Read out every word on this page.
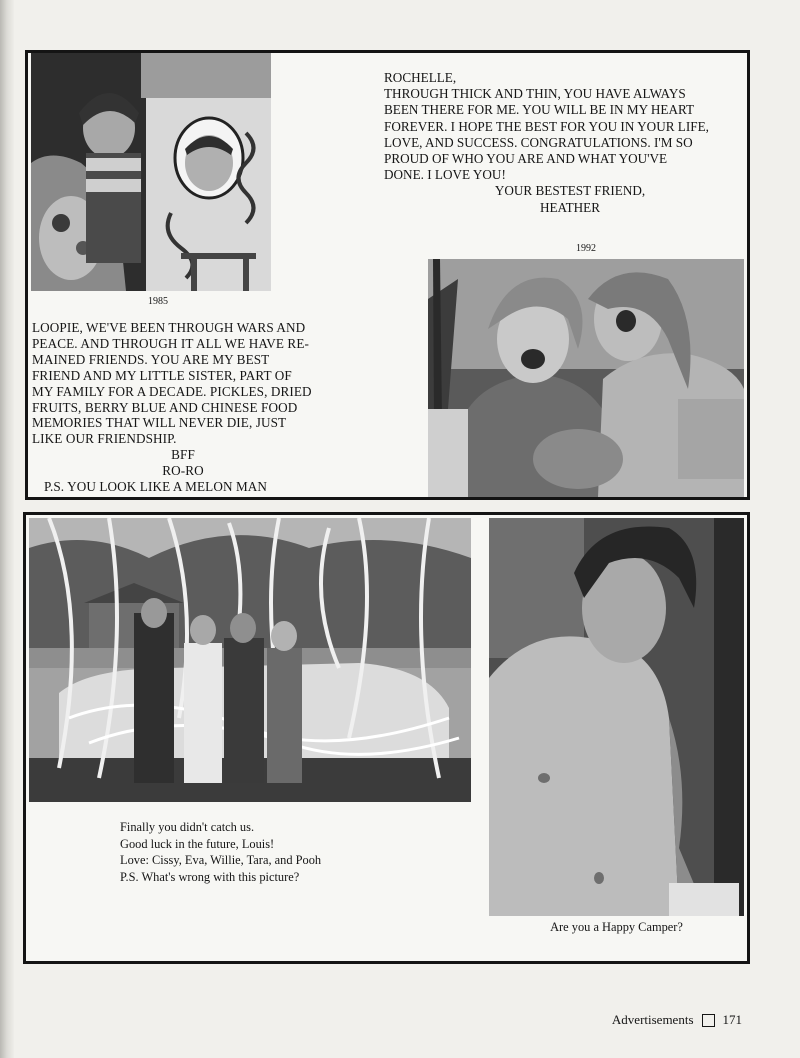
1985

ROCHELLE,

THROUGH THICK AND THIN, YOU HAVE ALWAYS

BEEN THERE FOR ME. YOU WILL BE IN MY HEART

FOREVER. I HOPE THE BEST FOR YOU IN YOUR LIFE,

LOVE, AND SUCCESS. CONGRATULATIONS. I'M SO

PROUD OF WHO YOU ARE AND WHAT YOU'VE

DONE. I LOVE YOU!

YOUR BESTEST FRIEND,

HEATHER

1992

LOOPIE, WE'VE BEEN THROUGH WARS AND

PEACE. AND THROUGH IT ALL WE HAVE RE-

MAINED FRIENDS. YOU ARE MY BEST

FRIEND AND MY LITTLE SISTER, PART OF

MY FAMILY FOR A DECADE. PICKLES, DRIED

FRUITS, BERRY BLUE AND CHINESE FOOD

MEMORIES THAT WILL NEVER DIE, JUST

LIKE OUR FRIENDSHIP.

BFF

RO-RO

P.S. YOU LOOK LIKE A MELON MAN

Finally you didn't catch us.

Good luck in the future, Louis!

Love: Cissy, Eva, Willie, Tara, and Pooh

P.S. What's wrong with this picture?

Are you a Happy Camper?
Advertisements 171
